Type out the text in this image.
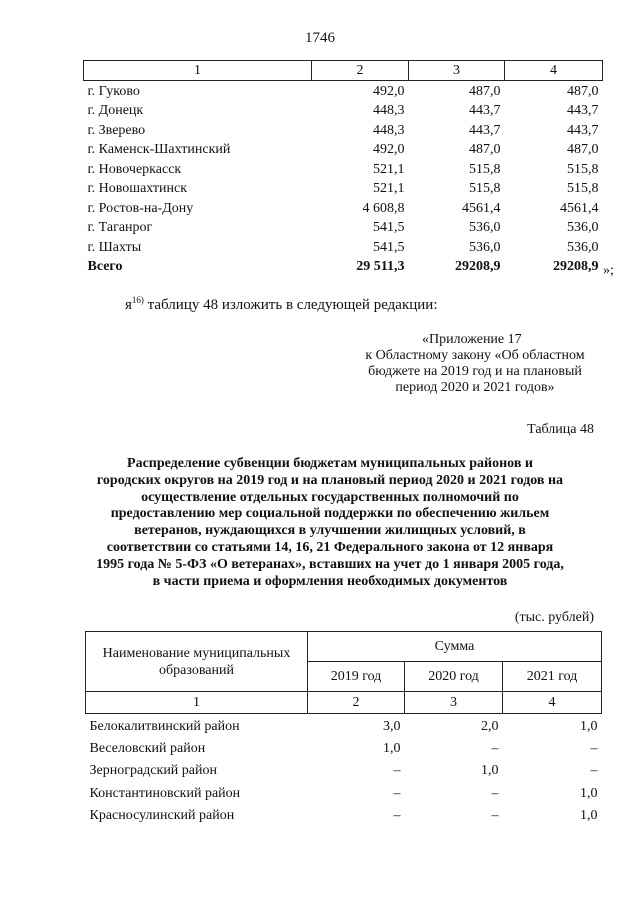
1746
1	2	3	4
г. Гуково	492,0	487,0	487,0
г. Донецк	448,3	443,7	443,7
г. Зверево	448,3	443,7	443,7
г. Каменск-Шахтинский	492,0	487,0	487,0
г. Новочеркасск	521,1	515,8	515,8
г. Новошахтинск	521,1	515,8	515,8
г. Ростов-на-Дону	4 608,8	4561,4	4561,4
г. Таганрог	541,5	536,0	536,0
г. Шахты	541,5	536,0	536,0
Всего	29 511,3	29208,9	29208,9 »;
$я^{16)}$ таблицу 48 изложить в следующей редакции:
«Приложение 17
к Областному закону «Об областном бюджете на 2019 год и на плановый период 2020 и 2021 годов»
Таблица 48
Распределение субвенции бюджетам муниципальных районов и городских округов на 2019 год и на плановый период 2020 и 2021 годов на осуществление отдельных государственных полномочий по предоставлению мер социальной поддержки по обеспечению жильем ветеранов, нуждающихся в улучшении жилищных условий, в соответствии со статьями 14, 16, 21 Федерального закона от 12 января 1995 года № 5-ФЗ «О ветеранах», вставших на учет до 1 января 2005 года, в части приема и оформления необходимых документов
(тыс. рублей)
Наименование муниципальных образований	Сумма		
	2019 год	2020 год	2021 год
1	2	3	4
Белокалитвинский район	3,0	2,0	1,0
Веселовский район	1,0	–	–
Зерноградский район	–	1,0	–
Константиновский район	–	–	1,0
Красносулинский район	–	–	1,0
